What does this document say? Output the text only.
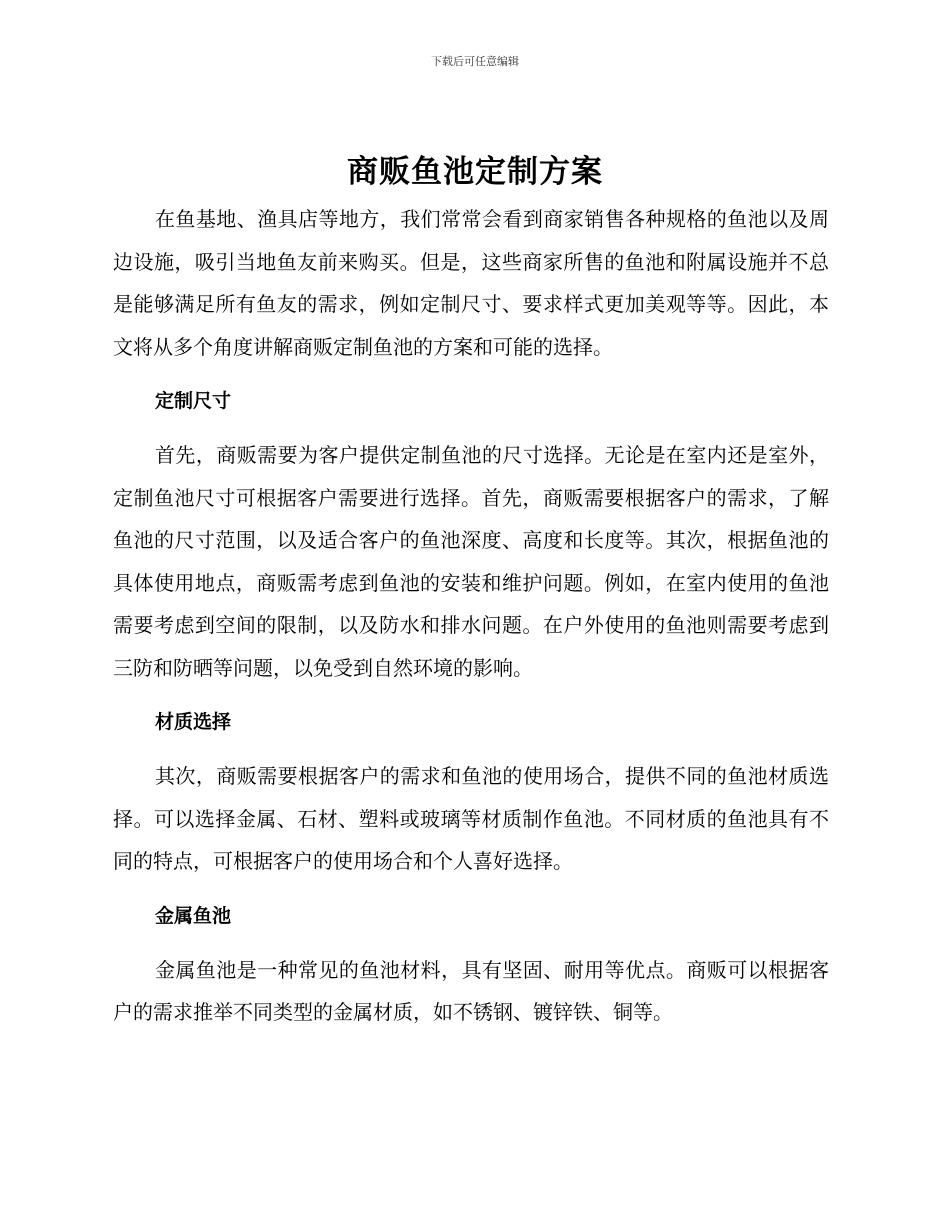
下载后可任意编辑
商贩鱼池定制方案

在鱼基地、渔具店等地方，我们常常会看到商家销售各种规格的鱼池以及周边设施，吸引当地鱼友前来购买。但是，这些商家所售的鱼池和附属设施并不总是能够满足所有鱼友的需求，例如定制尺寸、要求样式更加美观等等。因此，本文将从多个角度讲解商贩定制鱼池的方案和可能的选择。

定制尺寸

首先，商贩需要为客户提供定制鱼池的尺寸选择。无论是在室内还是室外，定制鱼池尺寸可根据客户需要进行选择。首先，商贩需要根据客户的需求，了解鱼池的尺寸范围，以及适合客户的鱼池深度、高度和长度等。其次，根据鱼池的具体使用地点，商贩需考虑到鱼池的安装和维护问题。例如，在室内使用的鱼池需要考虑到空间的限制，以及防水和排水问题。在户外使用的鱼池则需要考虑到三防和防晒等问题，以免受到自然环境的影响。

材质选择

其次，商贩需要根据客户的需求和鱼池的使用场合，提供不同的鱼池材质选择。可以选择金属、石材、塑料或玻璃等材质制作鱼池。不同材质的鱼池具有不同的特点，可根据客户的使用场合和个人喜好选择。

金属鱼池

金属鱼池是一种常见的鱼池材料，具有坚固、耐用等优点。商贩可以根据客户的需求推举不同类型的金属材质，如不锈钢、镀锌铁、铜等。
